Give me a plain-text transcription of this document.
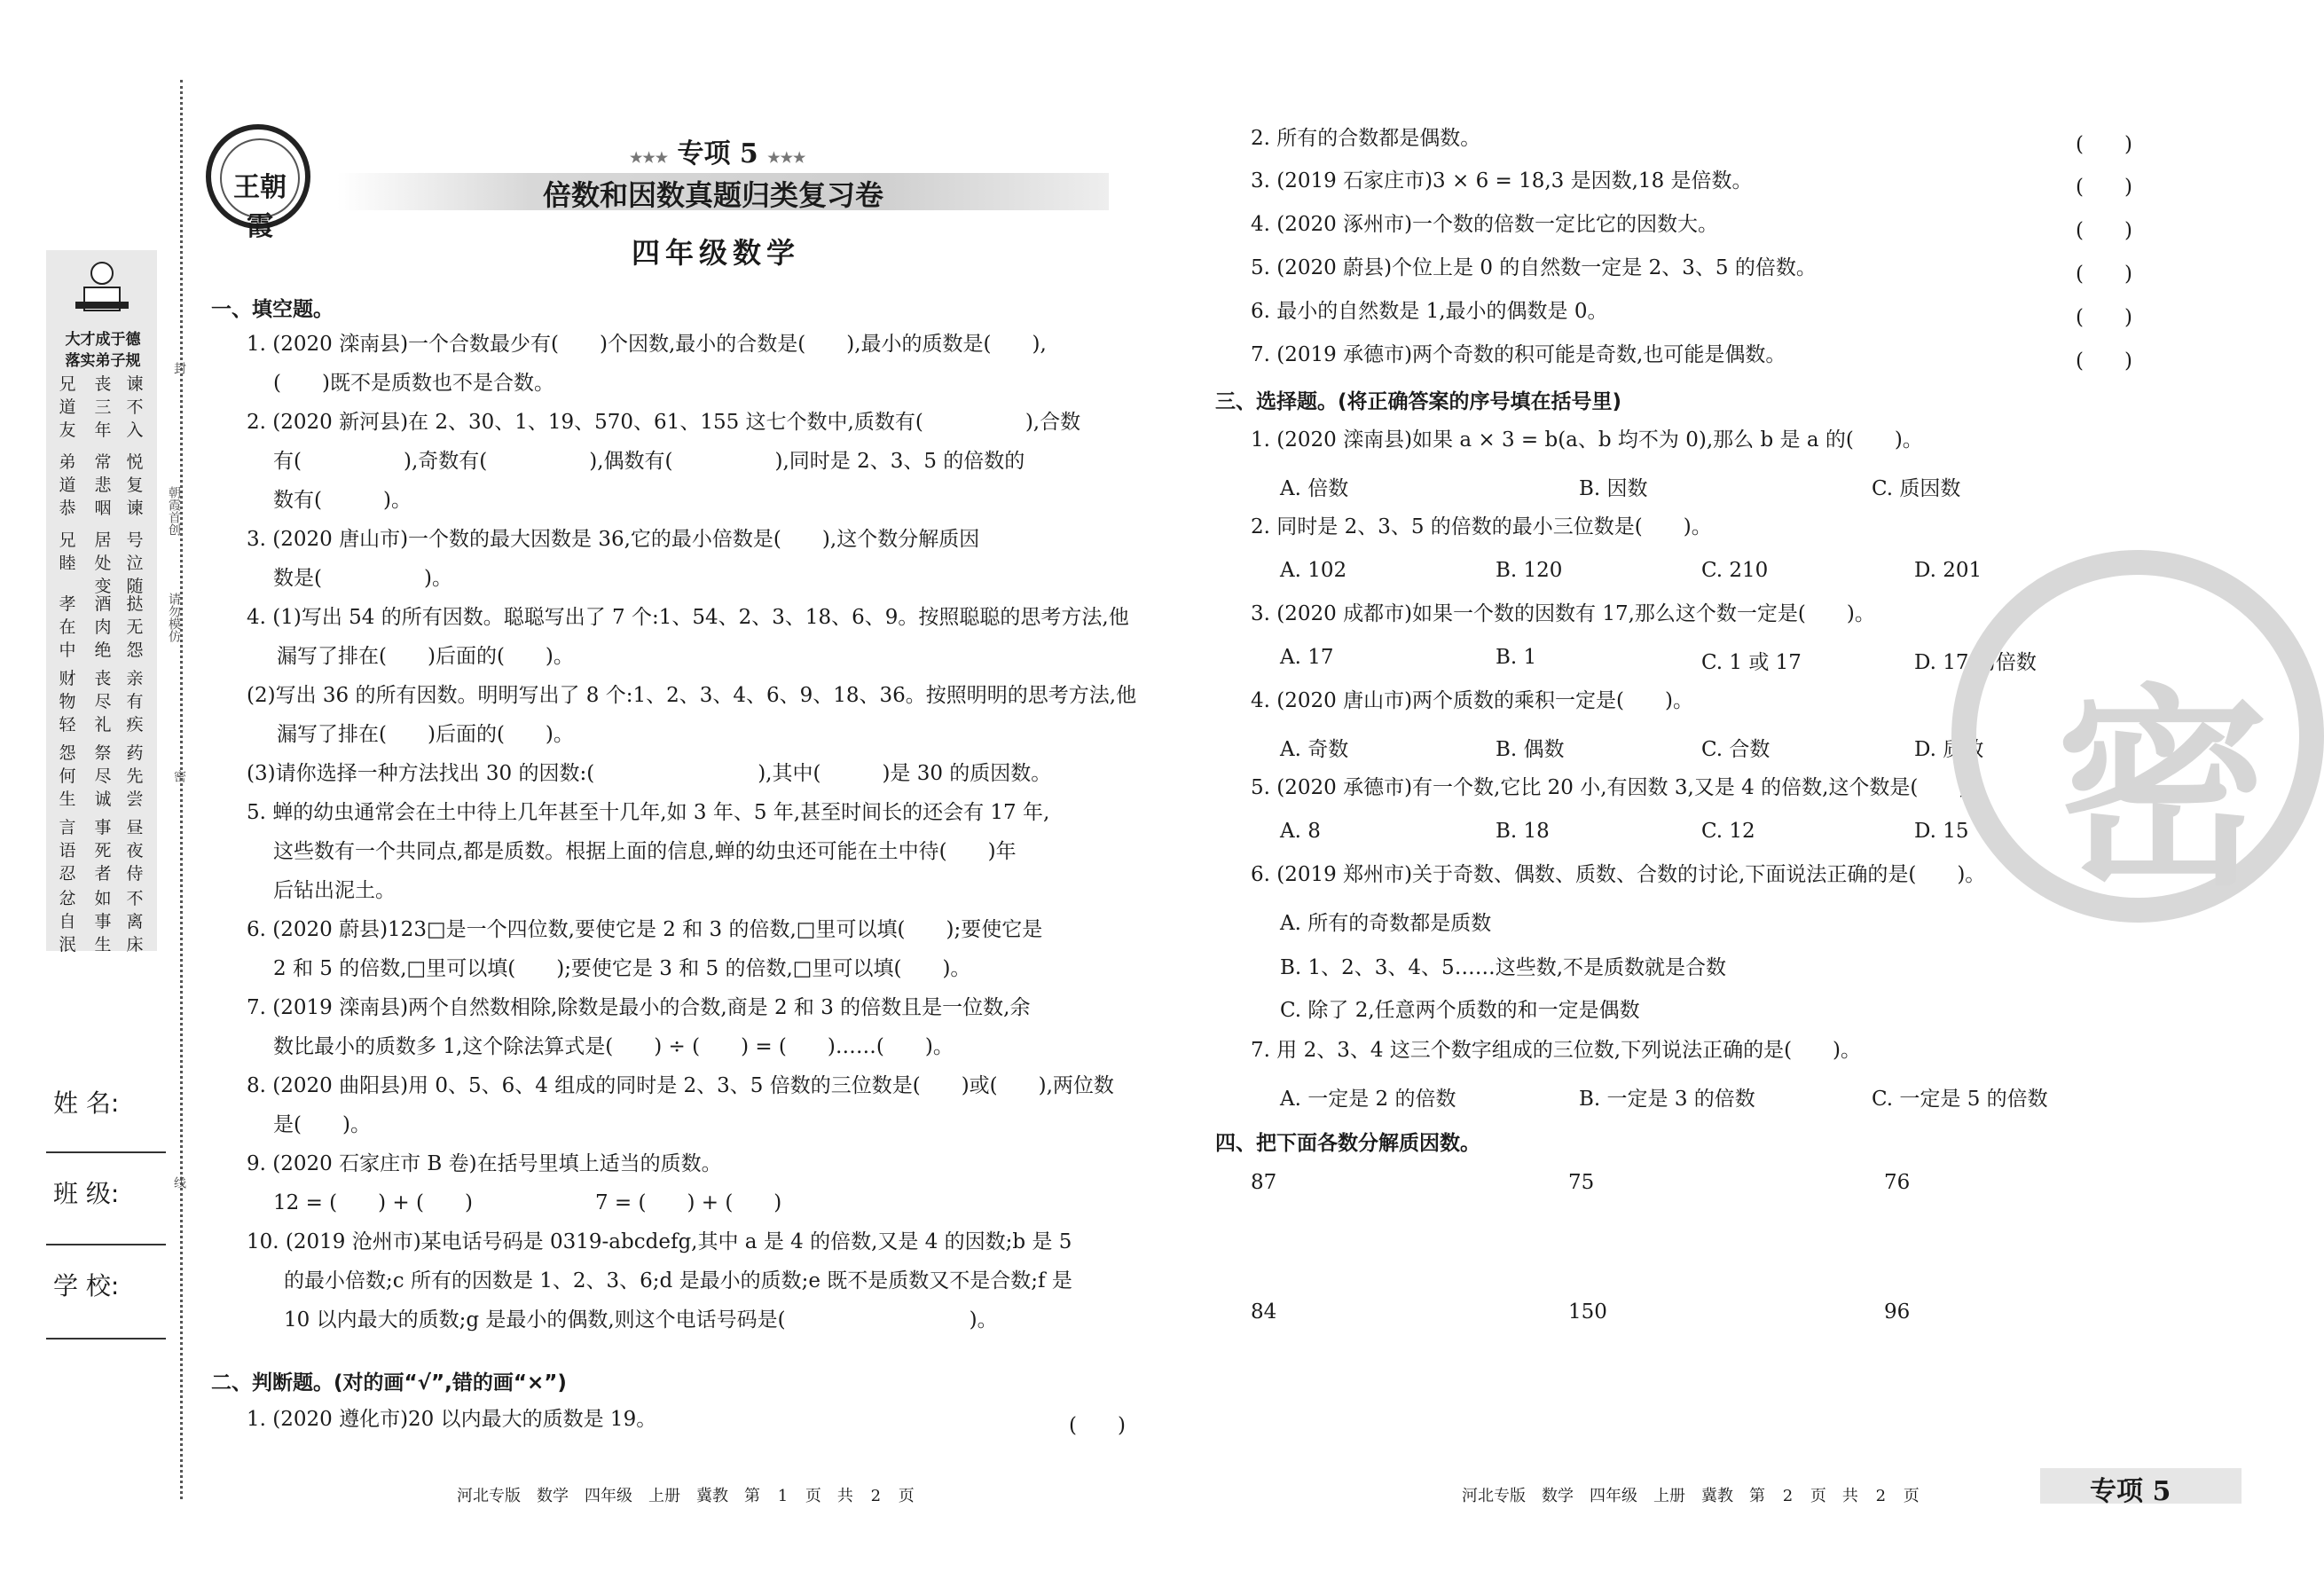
大才成于德
落实弟子规
兄道友
弟道恭
兄睦
孝在中
财物轻
怨何生
言语忍
忿自泯
丧三年
常悲咽
居处变
酒肉绝
丧尽礼
祭尽诚
事死者
如事生
谏不入
悦复谏
号泣随
挞无怨
亲有疾
药先尝
昼夜侍
不离床
封
朝霞首创
请勿模仿
密
线
姓 名:
班 级:
学 校:
王朝霞
★★★ 专项 5 ★★★
倍数和因数真题归类复习卷
四年级数学
一、填空题。
1. (2020 滦南县)一个合数最少有(　　)个因数,最小的合数是(　　),最小的质数是(　　),
(　　)既不是质数也不是合数。
2. (2020 新河县)在 2、30、1、19、570、61、155 这七个数中,质数有(　　　　　),合数
有(　　　　　),奇数有(　　　　　),偶数有(　　　　　),同时是 2、3、5 的倍数的
数有(　　　)。
3. (2020 唐山市)一个数的最大因数是 36,它的最小倍数是(　　),这个数分解质因
数是(　　　　　)。
4. (1)写出 54 的所有因数。聪聪写出了 7 个:1、54、2、3、18、6、9。按照聪聪的思考方法,他
漏写了排在(　　)后面的(　　)。
(2)写出 36 的所有因数。明明写出了 8 个:1、2、3、4、6、9、18、36。按照明明的思考方法,他
漏写了排在(　　)后面的(　　)。
(3)请你选择一种方法找出 30 的因数:(　　　　　　　　),其中(　　　)是 30 的质因数。
5. 蝉的幼虫通常会在土中待上几年甚至十几年,如 3 年、5 年,甚至时间长的还会有 17 年,
这些数有一个共同点,都是质数。根据上面的信息,蝉的幼虫还可能在土中待(　　)年
后钻出泥土。
6. (2020 蔚县)123□是一个四位数,要使它是 2 和 3 的倍数,□里可以填(　　);要使它是
2 和 5 的倍数,□里可以填(　　);要使它是 3 和 5 的倍数,□里可以填(　　)。
7. (2019 滦南县)两个自然数相除,除数是最小的合数,商是 2 和 3 的倍数且是一位数,余
数比最小的质数多 1,这个除法算式是(　　) ÷ (　　) = (　　)……(　　)。
8. (2020 曲阳县)用 0、5、6、4 组成的同时是 2、3、5 倍数的三位数是(　　)或(　　),两位数
是(　　)。
9. (2020 石家庄市 B 卷)在括号里填上适当的质数。
12 = (　　) + (　　)　　　　　　7 = (　　) + (　　)
10. (2019 沧州市)某电话号码是 0319-abcdefg,其中 a 是 4 的倍数,又是 4 的因数;b 是 5
的最小倍数;c 所有的因数是 1、2、3、6;d 是最小的质数;e 既不是质数又不是合数;f 是
10 以内最大的质数;g 是最小的偶数,则这个电话号码是(　　　　　　　　　)。
二、判断题。(对的画“√”,错的画“×”)
1. (2020 遵化市)20 以内最大的质数是 19。	(　　)
2. 所有的合数都是偶数。	(　　)
3. (2019 石家庄市)3 × 6 = 18,3 是因数,18 是倍数。	(　　)
4. (2020 涿州市)一个数的倍数一定比它的因数大。	(　　)
5. (2020 蔚县)个位上是 0 的自然数一定是 2、3、5 的倍数。	(　　)
6. 最小的自然数是 1,最小的偶数是 0。	(　　)
7. (2019 承德市)两个奇数的积可能是奇数,也可能是偶数。	(　　)
三、选择题。(将正确答案的序号填在括号里)
1. (2020 滦南县)如果 a × 3 = b(a、b 均不为 0),那么 b 是 a 的(　　)。
A. 倍数	B. 因数	C. 质因数
2. 同时是 2、3、5 的倍数的最小三位数是(　　)。
A. 102	B. 120	C. 210	D. 201
3. (2020 成都市)如果一个数的因数有 17,那么这个数一定是(　　)。
A. 17	B. 1	C. 1 或 17	D. 17 的倍数
4. (2020 唐山市)两个质数的乘积一定是(　　)。
A. 奇数	B. 偶数	C. 合数	D. 质数
5. (2020 承德市)有一个数,它比 20 小,有因数 3,又是 4 的倍数,这个数是(　　)。
A. 8	B. 18	C. 12	D. 15
6. (2019 郑州市)关于奇数、偶数、质数、合数的讨论,下面说法正确的是(　　)。
A. 所有的奇数都是质数
B. 1、2、3、4、5……这些数,不是质数就是合数
C. 除了 2,任意两个质数的和一定是偶数
7. 用 2、3、4 这三个数字组成的三位数,下列说法正确的是(　　)。
A. 一定是 2 的倍数	B. 一定是 3 的倍数	C. 一定是 5 的倍数
四、把下面各数分解质因数。
87	75	76
84	150	96
密
河北专版　数学　四年级　上册　冀教　第 1 页　共 2 页	河北专版　数学　四年级　上册　冀教　第 2 页　共 2 页	专项 5
